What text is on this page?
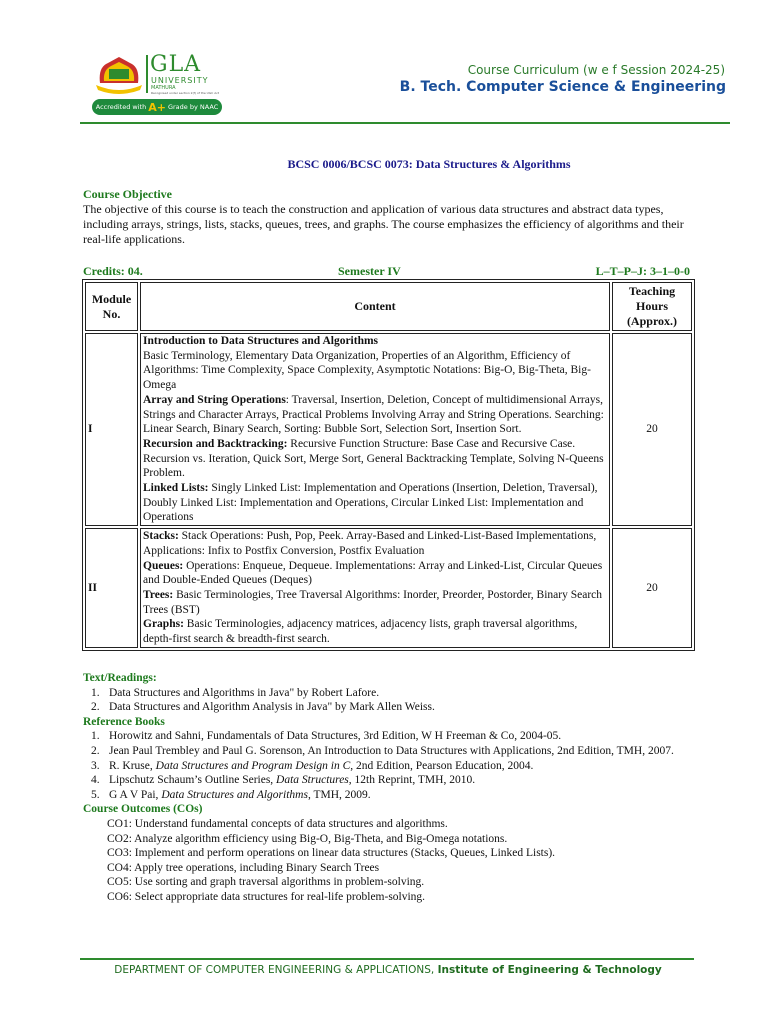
GLA
UNIVERSITY
MATHURA
Recognised under section 2(f) of the UGC Act
Accredited with A+ Grade by NAAC
Course Curriculum (w e f Session 2024-25)
B. Tech. Computer Science & Engineering
BCSC 0006/BCSC 0073: Data Structures & Algorithms
Course Objective
The objective of this course is to teach the construction and application of various data structures and abstract data types, including arrays, strings, lists, stacks, queues, trees, and graphs. The course emphasizes the efficiency of algorithms and their real-life applications.
Credits: 04.	Semester IV	L–T–P–J: 3–1–0-0
Module No.	Content	Teaching Hours (Approx.)
I	Introduction to Data Structures and Algorithms
Basic Terminology, Elementary Data Organization, Properties of an Algorithm, Efficiency of Algorithms: Time Complexity, Space Complexity, Asymptotic Notations: Big-O, Big-Theta, Big-Omega
Array and String Operations: Traversal, Insertion, Deletion, Concept of multidimensional Arrays, Strings and Character Arrays, Practical Problems Involving Array and String Operations. Searching: Linear Search, Binary Search, Sorting: Bubble Sort, Selection Sort, Insertion Sort.
Recursion and Backtracking: Recursive Function Structure: Base Case and Recursive Case. Recursion vs. Iteration, Quick Sort, Merge Sort, General Backtracking Template, Solving N-Queens Problem.
Linked Lists: Singly Linked List: Implementation and Operations (Insertion, Deletion, Traversal), Doubly Linked List: Implementation and Operations, Circular Linked List: Implementation and Operations	20
II	Stacks: Stack Operations: Push, Pop, Peek. Array-Based and Linked-List-Based Implementations, Applications: Infix to Postfix Conversion, Postfix Evaluation
Queues: Operations: Enqueue, Dequeue. Implementations: Array and Linked-List, Circular Queues and Double-Ended Queues (Deques)
Trees: Basic Terminologies, Tree Traversal Algorithms: Inorder, Preorder, Postorder, Binary Search Trees (BST)
Graphs: Basic Terminologies, adjacency matrices, adjacency lists, graph traversal algorithms, depth-first search & breadth-first search.	20
Text/Readings:
1. Data Structures and Algorithms in Java" by Robert Lafore.
2. Data Structures and Algorithm Analysis in Java" by Mark Allen Weiss.
Reference Books
1. Horowitz and Sahni, Fundamentals of Data Structures, 3rd Edition, W H Freeman & Co, 2004-05.
2. Jean Paul Trembley and Paul G. Sorenson, An Introduction to Data Structures with Applications, 2nd Edition, TMH, 2007.
3. R. Kruse, Data Structures and Program Design in C, 2nd Edition, Pearson Education, 2004.
4. Lipschutz Schaum’s Outline Series, Data Structures, 12th Reprint, TMH, 2010.
5. G A V Pai, Data Structures and Algorithms, TMH, 2009.
Course Outcomes (COs)
CO1: Understand fundamental concepts of data structures and algorithms.
CO2: Analyze algorithm efficiency using Big-O, Big-Theta, and Big-Omega notations.
CO3: Implement and perform operations on linear data structures (Stacks, Queues, Linked Lists).
CO4: Apply tree operations, including Binary Search Trees
CO5: Use sorting and graph traversal algorithms in problem-solving.
CO6: Select appropriate data structures for real-life problem-solving.
DEPARTMENT OF COMPUTER ENGINEERING & APPLICATIONS, Institute of Engineering & Technology
